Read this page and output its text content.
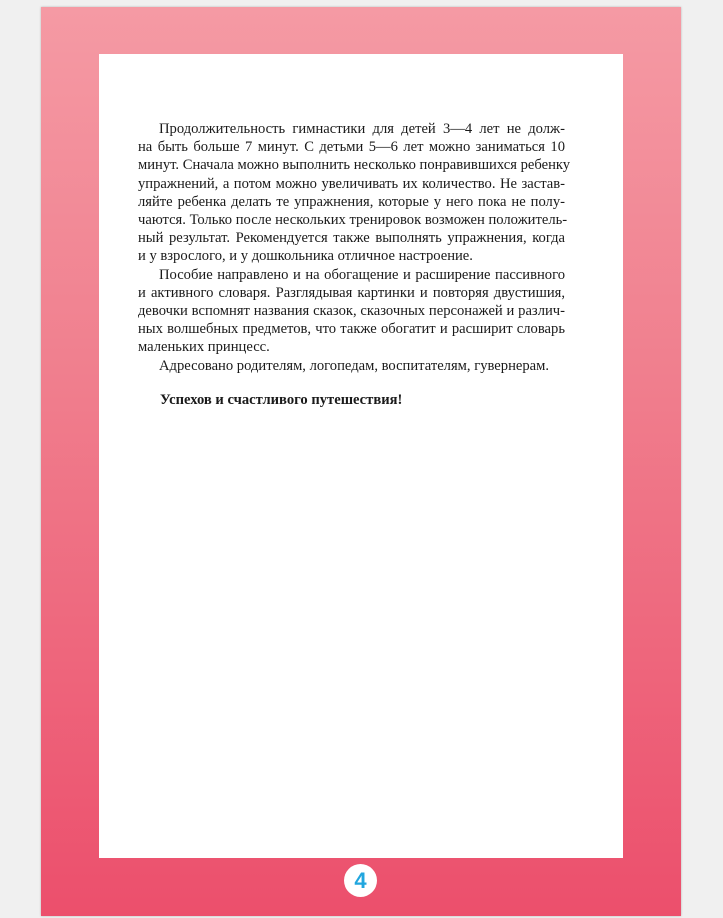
Продолжительность гимнастики для детей 3—4 лет не долж-
на быть больше 7 минут. С детьми 5—6 лет можно заниматься 10
минут. Сначала можно выполнить несколько понравившихся ребенку
упражнений, а потом можно увеличивать их количество. Не застав-
ляйте ребенка делать те упражнения, которые у него пока не полу-
чаются. Только после нескольких тренировок возможен положитель-
ный результат. Рекомендуется также выполнять упражнения, когда
и у взрослого, и у дошкольника отличное настроение.
Пособие направлено и на обогащение и расширение пассивного
и активного словаря. Разглядывая картинки и повторяя двустишия,
девочки вспомнят названия сказок, сказочных персонажей и различ-
ных волшебных предметов, что также обогатит и расширит словарь
маленьких принцесс.
Адресовано родителям, логопедам, воспитателям, гувернерам.
Успехов и счастливого путешествия!
4
